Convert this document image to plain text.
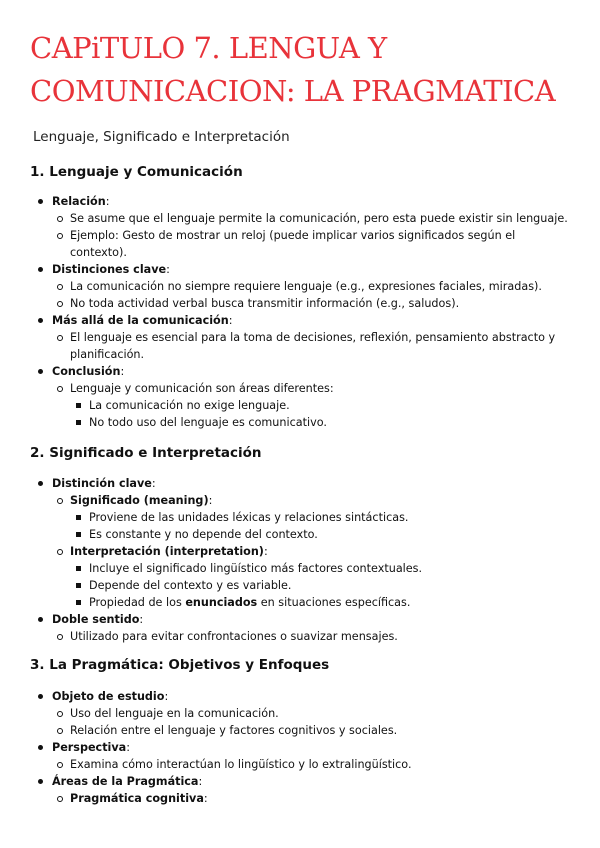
CAPiTULO 7. LENGUA Y COMUNICACION: LA PRAGMATICA
Lenguaje, Significado e Interpretación
1. Lenguaje y Comunicación
Relación:
Se asume que el lenguaje permite la comunicación, pero esta puede existir sin lenguaje.
Ejemplo: Gesto de mostrar un reloj (puede implicar varios significados según el contexto).
Distinciones clave:
La comunicación no siempre requiere lenguaje (e.g., expresiones faciales, miradas).
No toda actividad verbal busca transmitir información (e.g., saludos).
Más allá de la comunicación:
El lenguaje es esencial para la toma de decisiones, reflexión, pensamiento abstracto y planificación.
Conclusión:
Lenguaje y comunicación son áreas diferentes:
La comunicación no exige lenguaje.
No todo uso del lenguaje es comunicativo.
2. Significado e Interpretación
Distinción clave:
Significado (meaning):
Proviene de las unidades léxicas y relaciones sintácticas.
Es constante y no depende del contexto.
Interpretación (interpretation):
Incluye el significado lingüístico más factores contextuales.
Depende del contexto y es variable.
Propiedad de los enunciados en situaciones específicas.
Doble sentido:
Utilizado para evitar confrontaciones o suavizar mensajes.
3. La Pragmática: Objetivos y Enfoques
Objeto de estudio:
Uso del lenguaje en la comunicación.
Relación entre el lenguaje y factores cognitivos y sociales.
Perspectiva:
Examina cómo interactúan lo lingüístico y lo extralingüístico.
Áreas de la Pragmática:
Pragmática cognitiva:
